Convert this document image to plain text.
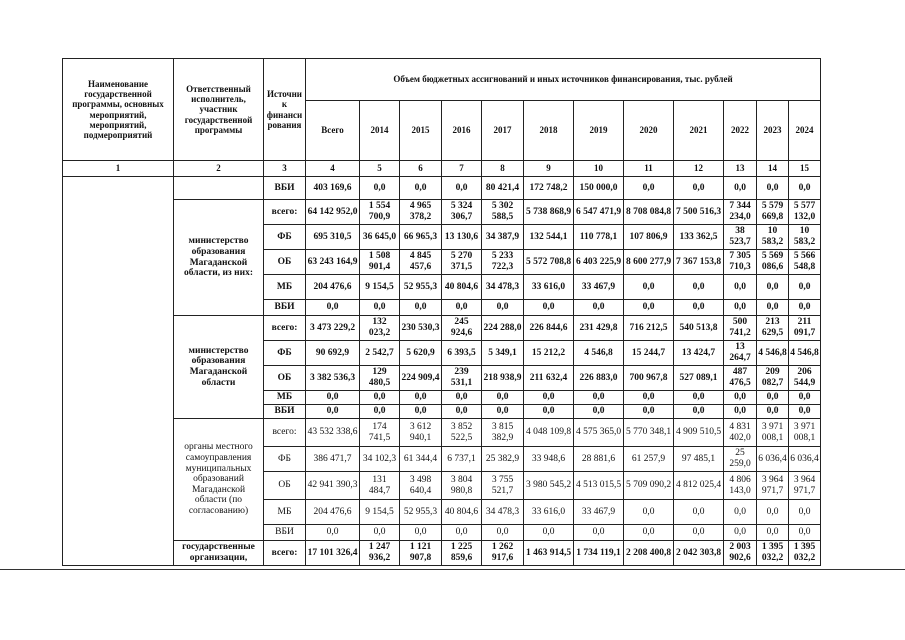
Наименование государственной программы, основных мероприятий, мероприятий, подмероприятий	Ответственный исполнитель, участник государственной программы	Источни к финанси рования	Объем бюджетных ассигнований и иных источников финансирования, тыс. рублей											
			Всего	2014	2015	2016	2017	2018	2019	2020	2021	2022	2023	2024
1	2	3	4	5	6	7	8	9	10	11	12	13	14	15
		ВБИ	403 169,6	0,0	0,0	0,0	80 421,4	172 748,2	150 000,0	0,0	0,0	0,0	0,0	0,0
	министерство образования Магаданской области, из них:	всего:	64 142 952,0	1 554 700,9	4 965 378,2	5 324 306,7	5 302 588,5	5 738 868,9	6 547 471,9	8 708 084,8	7 500 516,3	7 344 234,0	5 579 669,8	5 577 132,0
		ФБ	695 310,5	36 645,0	66 965,3	13 130,6	34 387,9	132 544,1	110 778,1	107 806,9	133 362,5	38 523,7	10 583,2	10 583,2
		ОБ	63 243 164,9	1 508 901,4	4 845 457,6	5 270 371,5	5 233 722,3	5 572 708,8	6 403 225,9	8 600 277,9	7 367 153,8	7 305 710,3	5 569 086,6	5 566 548,8
		МБ	204 476,6	9 154,5	52 955,3	40 804,6	34 478,3	33 616,0	33 467,9	0,0	0,0	0,0	0,0	0,0
		ВБИ	0,0	0,0	0,0	0,0	0,0	0,0	0,0	0,0	0,0	0,0	0,0	0,0
	министерство образования Магаданской области	всего:	3 473 229,2	132 023,2	230 530,3	245 924,6	224 288,0	226 844,6	231 429,8	716 212,5	540 513,8	500 741,2	213 629,5	211 091,7
		ФБ	90 692,9	2 542,7	5 620,9	6 393,5	5 349,1	15 212,2	4 546,8	15 244,7	13 424,7	13 264,7	4 546,8	4 546,8
		ОБ	3 382 536,3	129 480,5	224 909,4	239 531,1	218 938,9	211 632,4	226 883,0	700 967,8	527 089,1	487 476,5	209 082,7	206 544,9
		МБ	0,0	0,0	0,0	0,0	0,0	0,0	0,0	0,0	0,0	0,0	0,0	0,0
		ВБИ	0,0	0,0	0,0	0,0	0,0	0,0	0,0	0,0	0,0	0,0	0,0	0,0
	органы местного самоуправления муниципальных образований Магаданской области (по согласованию)	всего:	43 532 338,6	174 741,5	3 612 940,1	3 852 522,5	3 815 382,9	4 048 109,8	4 575 365,0	5 770 348,1	4 909 510,5	4 831 402,0	3 971 008,1	3 971 008,1
		ФБ	386 471,7	34 102,3	61 344,4	6 737,1	25 382,9	33 948,6	28 881,6	61 257,9	97 485,1	25 259,0	6 036,4	6 036,4
		ОБ	42 941 390,3	131 484,7	3 498 640,4	3 804 980,8	3 755 521,7	3 980 545,2	4 513 015,5	5 709 090,2	4 812 025,4	4 806 143,0	3 964 971,7	3 964 971,7
		МБ	204 476,6	9 154,5	52 955,3	40 804,6	34 478,3	33 616,0	33 467,9	0,0	0,0	0,0	0,0	0,0
		ВБИ	0,0	0,0	0,0	0,0	0,0	0,0	0,0	0,0	0,0	0,0	0,0	0,0
	государственные организации,	всего:	17 101 326,4	1 247 936,2	1 121 907,8	1 225 859,6	1 262 917,6	1 463 914,5	1 734 119,1	2 208 400,8	2 042 303,8	2 003 902,6	1 395 032,2	1 395 032,2
